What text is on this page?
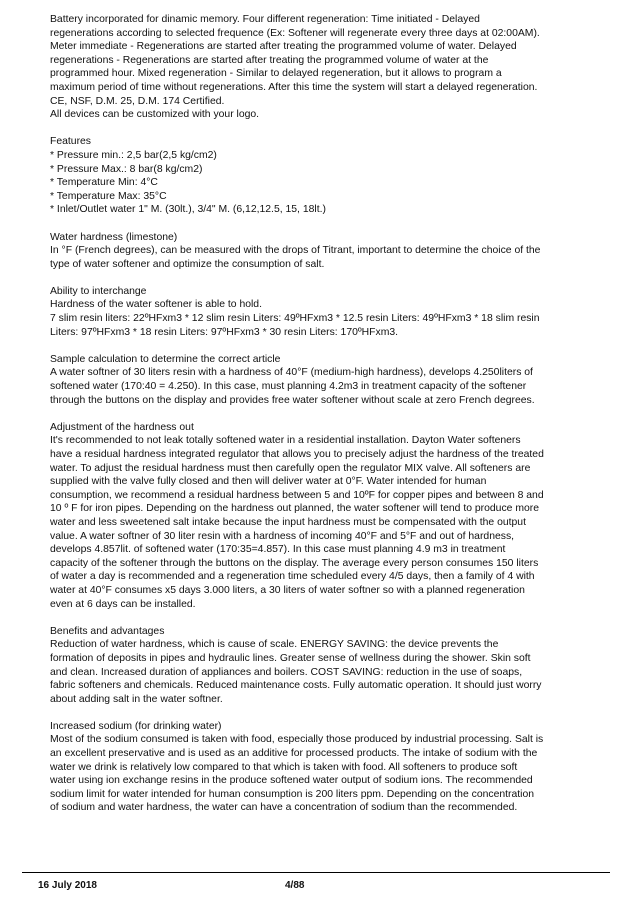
Battery incorporated for dinamic memory. Four different regeneration: Time initiated - Delayed
regenerations according to selected frequence (Ex: Softener will regenerate every three days at 02:00AM).
Meter immediate - Regenerations are started after treating the programmed volume of water. Delayed
regenerations - Regenerations are started after treating the programmed volume of water at the
programmed hour. Mixed regeneration - Similar to delayed regeneration, but it allows to program a
maximum period of time without regenerations. After this time the system will start a delayed regeneration.
CE, NSF, D.M. 25, D.M. 174 Certified.
All devices can be customized with your logo.

Features
* Pressure min.: 2,5 bar(2,5 kg/cm2)
* Pressure Max.: 8 bar(8 kg/cm2)
* Temperature Min: 4°C
* Temperature Max: 35°C
* Inlet/Outlet water 1" M. (30lt.), 3/4" M. (6,12,12.5, 15, 18lt.)

Water hardness (limestone)
In °F (French degrees), can be measured with the drops of Titrant, important to determine the choice of the
type of water softener and optimize the consumption of salt.

Ability to interchange
Hardness of the water softener is able to hold.
7 slim resin liters: 22ºHFxm3 * 12 slim resin Liters: 49ºHFxm3 * 12.5 resin Liters: 49ºHFxm3 * 18 slim resin
Liters: 97ºHFxm3 * 18 resin Liters: 97ºHFxm3 * 30 resin Liters: 170ºHFxm3.

Sample calculation to determine the correct article
A water softner of 30 liters resin with a hardness of 40°F (medium-high hardness), develops 4.250liters of
softened water (170:40 = 4.250). In this case, must planning 4.2m3 in treatment capacity of the softener
through the buttons on the display and provides free water softener without scale at zero French degrees.

Adjustment of the hardness out
It's recommended to not leak totally softened water in a residential installation. Dayton Water softeners
have a residual hardness integrated regulator that allows you to precisely adjust the hardness of the treated
water. To adjust the residual hardness must then carefully open the regulator MIX valve. All softeners are
supplied with the valve fully closed and then will deliver water at 0°F. Water intended for human
consumption, we recommend a residual hardness between 5 and 10ºF for copper pipes and between 8 and
10 º F for iron pipes. Depending on the hardness out planned, the water softener will tend to produce more
water and less sweetened salt intake because the input hardness must be compensated with the output
value. A water softner of 30 liter resin with a hardness of incoming 40°F and 5°F and out of hardness,
develops 4.857lit. of softened water (170:35=4.857). In this case must planning 4.9 m3 in treatment
capacity of the softener through the buttons on the display. The average every person consumes 150 liters
of water a day is recommended and a regeneration time scheduled every 4/5 days, then a family of 4 with
water at 40°F consumes x5 days 3.000 liters, a 30 liters of water softner so with a planned regeneration
even at 6 days can be installed.

Benefits and advantages
Reduction of water hardness, which is cause of scale. ENERGY SAVING: the device prevents the
formation of deposits in pipes and hydraulic lines. Greater sense of wellness during the shower. Skin soft
and clean. Increased duration of appliances and boilers. COST SAVING: reduction in the use of soaps,
fabric softeners and chemicals. Reduced maintenance costs. Fully automatic operation. It should just worry
about adding salt in the water softner.

Increased sodium (for drinking water)
Most of the sodium consumed is taken with food, especially those produced by industrial processing. Salt is
an excellent preservative and is used as an additive for processed products. The intake of sodium with the
water we drink is relatively low compared to that which is taken with food. All softeners to produce soft
water using ion exchange resins in the produce softened water output of sodium ions. The recommended
sodium limit for water intended for human consumption is 200 liters ppm. Depending on the concentration
of sodium and water hardness, the water can have a concentration of sodium than the recommended.

16 July 2018	4/88
